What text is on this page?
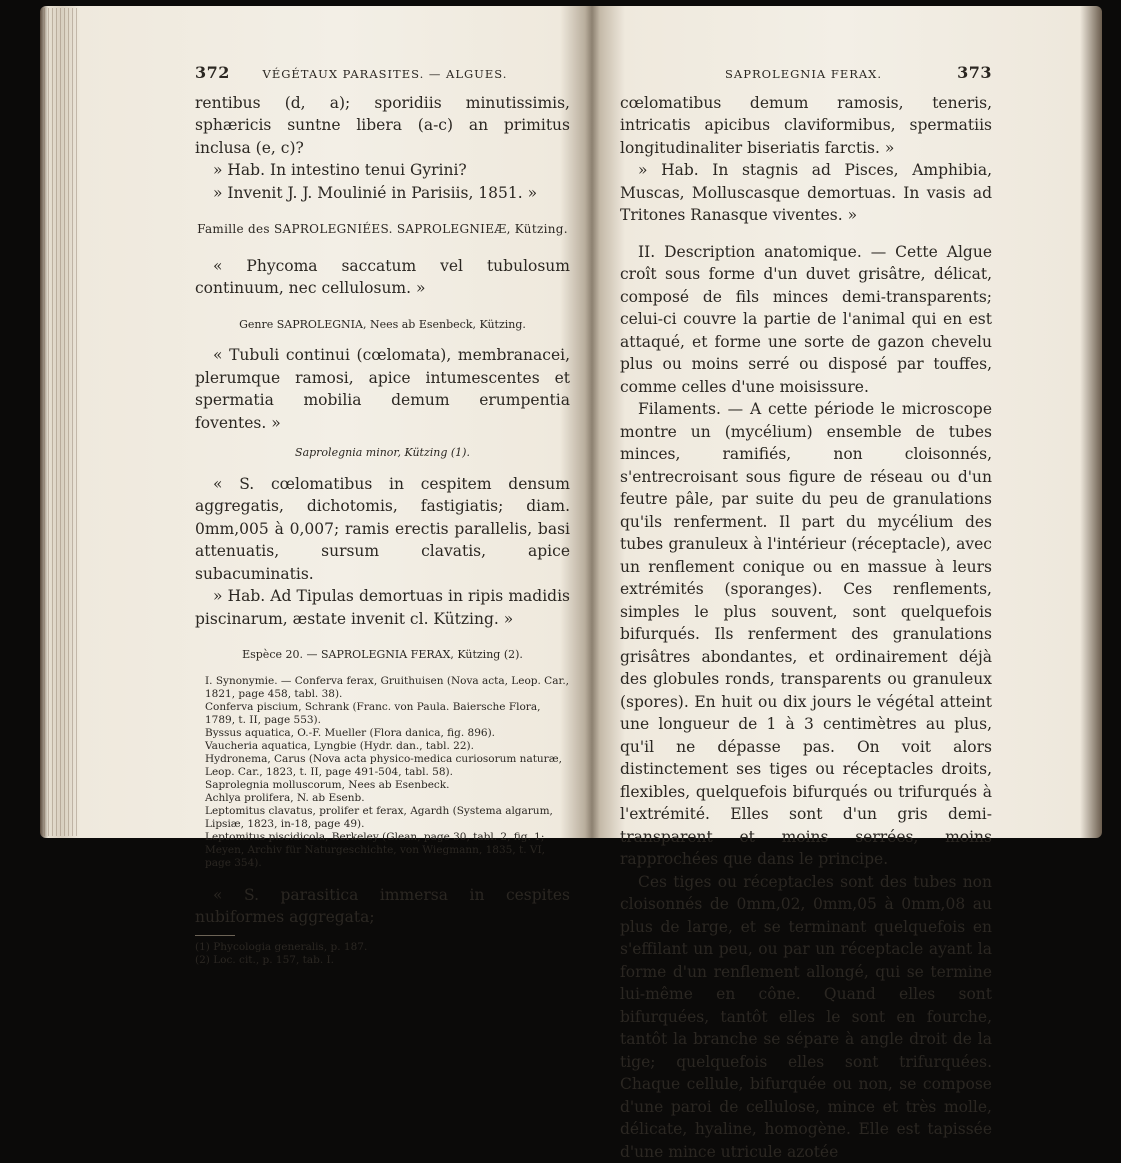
372	VÉGÉTAUX PARASITES. — ALGUES.

rentibus (d, a); sporidiis minutissimis, sphæricis suntne libera (a-c) an primitus inclusa (e, c)?

» Hab. In intestino tenui Gyrini?

» Invenit J. J. Moulinié in Parisiis, 1851. »

Famille des SAPROLEGNIÉES. SAPROLEGNIEÆ, Kützing.

« Phycoma saccatum vel tubulosum continuum, nec cellulosum. »

Genre SAPROLEGNIA, Nees ab Esenbeck, Kützing.

« Tubuli continui (cœlomata), membranacei, plerumque ramosi, apice intumescentes et spermatia mobilia demum erumpentia foventes. »

Saprolegnia minor, Kützing (1).

« S. cœlomatibus in cespitem densum aggregatis, dichotomis, fastigiatis; diam. 0mm,005 à 0,007; ramis erectis parallelis, basi attenuatis, sursum clavatis, apice subacuminatis.

» Hab. Ad Tipulas demortuas in ripis madidis piscinarum, æstate invenit cl. Kützing. »

Espèce 20. — SAPROLEGNIA FERAX, Kützing (2).

I. Synonymie. — Conferva ferax, Gruithuisen (Nova acta, Leop. Car., 1821, page 458, tabl. 38).
Conferva piscium, Schrank (Franc. von Paula. Baiersche Flora, 1789, t. II, page 553).
Byssus aquatica, O.-F. Mueller (Flora danica, fig. 896).
Vaucheria aquatica, Lyngbie (Hydr. dan., tabl. 22).
Hydronema, Carus (Nova acta physico-medica curiosorum naturæ, Leop. Car., 1823, t. II, page 491-504, tabl. 58).
Saprolegnia molluscorum, Nees ab Esenbeck.
Achlya prolifera, N. ab Esenb.
Leptomitus clavatus, prolifer et ferax, Agardh (Systema algarum, Lipsiæ, 1823, in-18, page 49).
Leptomitus piscidicola, Berkeley (Glean, page 30, tabl. 2, fig. 1; Meyen, Archiv für Naturgeschichte, von Wiegmann, 1835, t. VI, page 354).

« S. parasitica immersa in cespites nubiformes aggregata;

(1) Phycologia generalis, p. 187.
(2) Loc. cit., p. 157, tab. I.
SAPROLEGNIA FERAX.	373

cœlomatibus demum ramosis, teneris, intricatis apicibus claviformibus, spermatiis longitudinaliter biseriatis farctis. »

» Hab. In stagnis ad Pisces, Amphibia, Muscas, Molluscasque demortuas. In vasis ad Tritones Ranasque viventes. »

II. Description anatomique. — Cette Algue croît sous forme d'un duvet grisâtre, délicat, composé de fils minces demi-transparents; celui-ci couvre la partie de l'animal qui en est attaqué, et forme une sorte de gazon chevelu plus ou moins serré ou disposé par touffes, comme celles d'une moisissure.

Filaments. — A cette période le microscope montre un (mycélium) ensemble de tubes minces, ramifiés, non cloisonnés, s'entrecroisant sous figure de réseau ou d'un feutre pâle, par suite du peu de granulations qu'ils renferment. Il part du mycélium des tubes granuleux à l'intérieur (réceptacle), avec un renflement conique ou en massue à leurs extrémités (sporanges). Ces renflements, simples le plus souvent, sont quelquefois bifurqués. Ils renferment des granulations grisâtres abondantes, et ordinairement déjà des globules ronds, transparents ou granuleux (spores). En huit ou dix jours le végétal atteint une longueur de 1 à 3 centimètres au plus, qu'il ne dépasse pas. On voit alors distinctement ses tiges ou réceptacles droits, flexibles, quelquefois bifurqués ou trifurqués à l'extrémité. Elles sont d'un gris demi-transparent et moins serrées, moins rapprochées que dans le principe.

Ces tiges ou réceptacles sont des tubes non cloisonnés de 0mm,02, 0mm,05 à 0mm,08 au plus de large, et se terminant quelquefois en s'effilant un peu, ou par un réceptacle ayant la forme d'un renflement allongé, qui se termine lui-même en cône. Quand elles sont bifurquées, tantôt elles le sont en fourche, tantôt la branche se sépare à angle droit de la tige; quelquefois elles sont trifurquées. Chaque cellule, bifurquée ou non, se compose d'une paroi de cellulose, mince et très molle, délicate, hyaline, homogène. Elle est tapissée d'une mince utricule azotée
